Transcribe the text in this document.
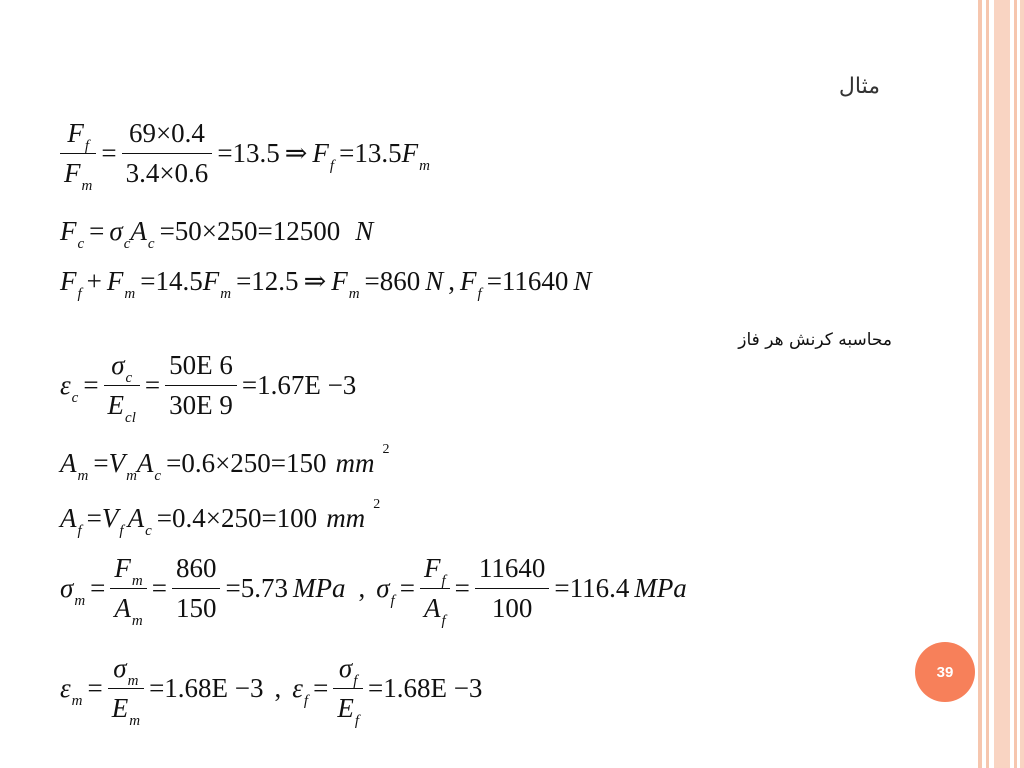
مثال
$\frac{\text{F f}}{\text{F m}} = \frac{69\times 0.4}{3.4\times 0.6} =13.5$ ⇒ $F_f =13.5$ $F_m$
$F_c = \sigma_cA_c =50\times 250=12500$ N
$F_f + F_m =14.5$ $F_m =12.5$ ⇒ $F_m =860$ N , $F_f =11640$ N
محاسبه کرنش هر فاز
$\varepsilon_c = \frac{\text{σ c}}{\text{E cl}} = \frac{50E 6}{30E 9} =1.67E -3$
$A_m =V_mA_c =0.6\times 250=150$ mm 2
$A_f =V_f$ $A_c =0.4\times 250=100$ mm 2
$\sigma_m = \frac{\text{F m}}{\text{A m}} = \frac{860}{150} =5.73$ MPa , $\sigma_f = \frac{\text{F f}}{\text{A f}} = \frac{11640}{100} =116.4$ MPa
$\varepsilon_m = \frac{\text{σ m}}{\text{E m}} =1.68E -3$ , $\varepsilon_f = \frac{\text{σ f}}{\text{E f}} =1.68E -3$
39
